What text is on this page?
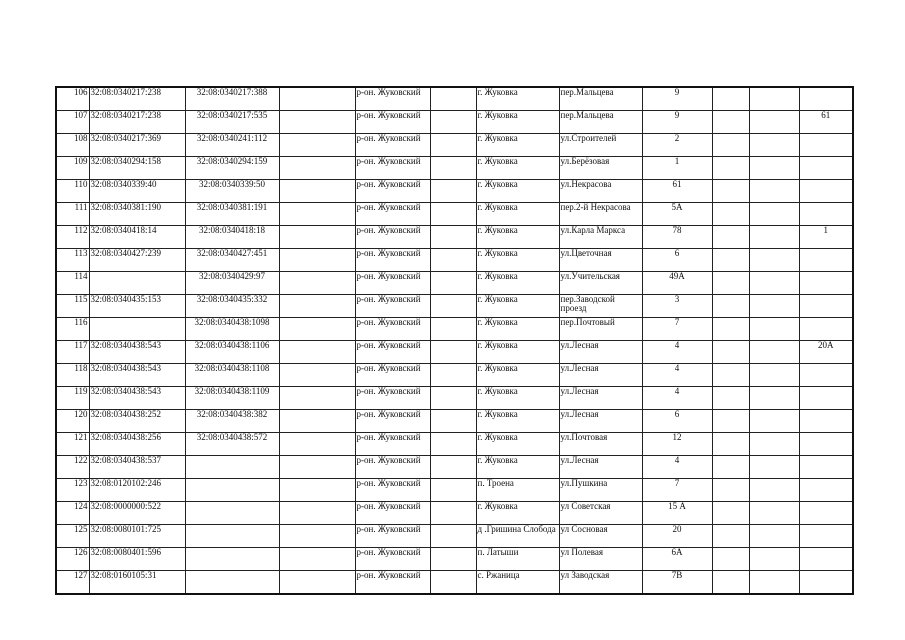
106	32:08:0340217:238	32:08:0340217:388		р-он. Жуковский		г. Жуковка	пер.Мальцева	9			
107	32:08:0340217:238	32:08:0340217:535		р-он. Жуковский		г. Жуковка	пер.Мальцева	9			61
108	32:08:0340217:369	32:08:0340241:112		р-он. Жуковский		г. Жуковка	ул.Строителей	2			
109	32:08:0340294:158	32:08:0340294:159		р-он. Жуковский		г. Жуковка	ул.Берёзовая	1			
110	32:08:0340339:40	32:08:0340339:50		р-он. Жуковский		г. Жуковка	ул.Некрасова	61			
111	32:08:0340381:190	32:08:0340381:191		р-он. Жуковский		г. Жуковка	пер.2-й Некрасова	5А			
112	32:08:0340418:14	32:08:0340418:18		р-он. Жуковский		г. Жуковка	ул.Карла Маркса	78			1
113	32:08:0340427:239	32:08:0340427:451		р-он. Жуковский		г. Жуковка	ул.Цветочная	6			
114		32:08:0340429:97		р-он. Жуковский		г. Жуковка	ул.Учительская	49А			
115	32:08:0340435:153	32:08:0340435:332		р-он. Жуковский		г. Жуковка	пер.Заводской проезд	3			
116		32:08:0340438:1098		р-он. Жуковский		г. Жуковка	пер.Почтовый	7			
117	32:08:0340438:543	32:08:0340438:1106		р-он. Жуковский		г. Жуковка	ул.Лесная	4			20А
118	32:08:0340438:543	32:08:0340438:1108		р-он. Жуковский		г. Жуковка	ул.Лесная	4			
119	32:08:0340438:543	32:08:0340438:1109		р-он. Жуковский		г. Жуковка	ул.Лесная	4			
120	32:08:0340438:252	32:08:0340438:382		р-он. Жуковский		г. Жуковка	ул.Лесная	6			
121	32:08:0340438:256	32:08:0340438:572		р-он. Жуковский		г. Жуковка	ул.Почтовая	12			
122	32:08:0340438:537			р-он. Жуковский		г. Жуковка	ул.Лесная	4			
123	32:08:0120102:246			р-он. Жуковский		п. Троена	ул.Пушкина	7			
124	32:08:0000000:522			р-он. Жуковский		г. Жуковка	ул Советская	15 А			
125	32:08:0080101:725			р-он. Жуковский		д .Гришина Слобода	ул Сосновая	20			
126	32:08:0080401:596			р-он. Жуковский		п. Латыши	ул Полевая	6А			
127	32:08:0160105:31			р-он. Жуковский		с. Ржаница	ул Заводская	7В			
